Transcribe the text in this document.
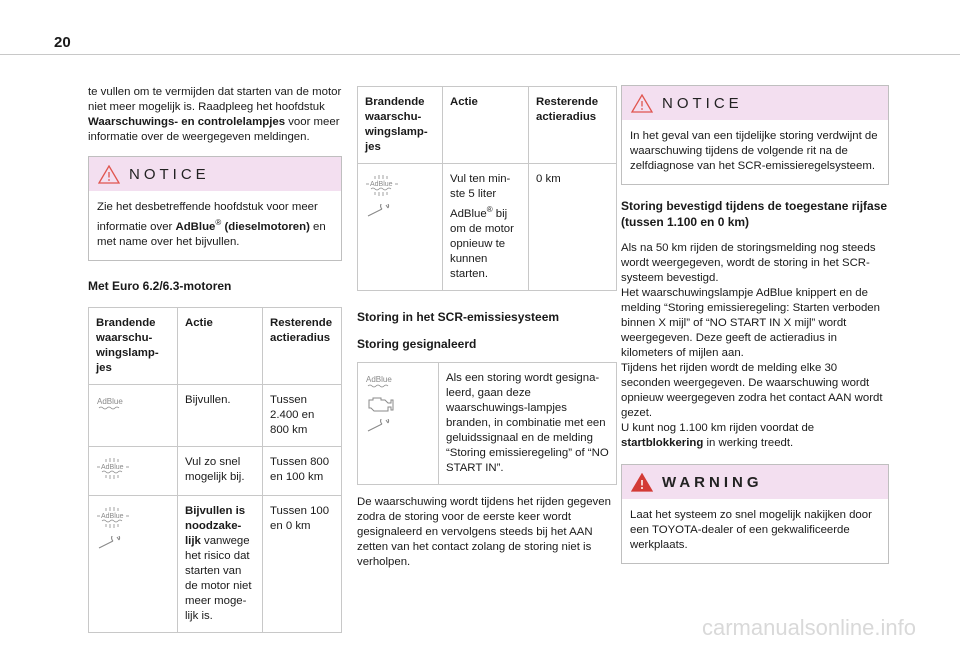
20

te vullen om te vermijden dat starten van de motor niet meer mogelijk is. Raadpleeg het hoofdstuk Waarschuwings- en controlelampjes voor meer informatie over de weergegeven meldingen.

NOTICE
Zie het desbetreffende hoofdstuk voor meer informatie over AdBlue® (dieselmotoren) en met name over het bijvullen.
Met Euro 6.2/6.3-motoren
Brandende waarschu-wingslamp-jes	Actie	Resterende actieradius

AdBlue	Bijvullen.	Tussen 2.400 en 800 km

AdBlue	Vul zo snel mogelijk bij.	Tussen 800 en 100 km

AdBlue	Bijvullen is noodzake-lijk vanwege het risico dat starten van de motor niet meer moge-lijk is.	Tussen 100 en 0 km
Brandende waarschu-wingslamp-jes	Actie	Resterende actieradius

AdBlue	Vul ten min-ste 5 liter AdBlue® bij om de motor opnieuw te kunnen starten.	0 km
Storing in het SCR-emissiesysteem

Storing gesignaleerd

AdBlue	Als een storing wordt gesigna-leerd, gaan deze waarschuwings-lampjes branden, in combinatie met een geluidssignaal en de melding “Storing emissieregeling” of “NO START IN”.

De waarschuwing wordt tijdens het rijden gegeven zodra de storing voor de eerste keer wordt gesignaleerd en vervolgens steeds bij het AAN zetten van het contact zolang de storing niet is verholpen.

NOTICE
In het geval van een tijdelijke storing verdwijnt de waarschuwing tijdens de volgende rit na de zelfdiagnose van het SCR-emissieregelsysteem.
Storing bevestigd tijdens de toegestane rijfase (tussen 1.100 en 0 km)

Als na 50 km rijden de storingsmelding nog steeds wordt weergegeven, wordt de storing in het SCR-systeem bevestigd.

Het waarschuwingslampje AdBlue knippert en de melding “Storing emissieregeling: Starten verboden binnen X mijl” of “NO START IN X mijl” wordt weergegeven. Deze geeft de actieradius in kilometers of mijlen aan.

Tijdens het rijden wordt de melding elke 30 seconden weergegeven. De waarschuwing wordt opnieuw weergegeven zodra het contact AAN wordt gezet.

U kunt nog 1.100 km rijden voordat de startblokkering in werking treedt.

WARNING
Laat het systeem zo snel mogelijk nakijken door een TOYOTA-dealer of een gekwalificeerde werkplaats.
carmanualsonline.info
